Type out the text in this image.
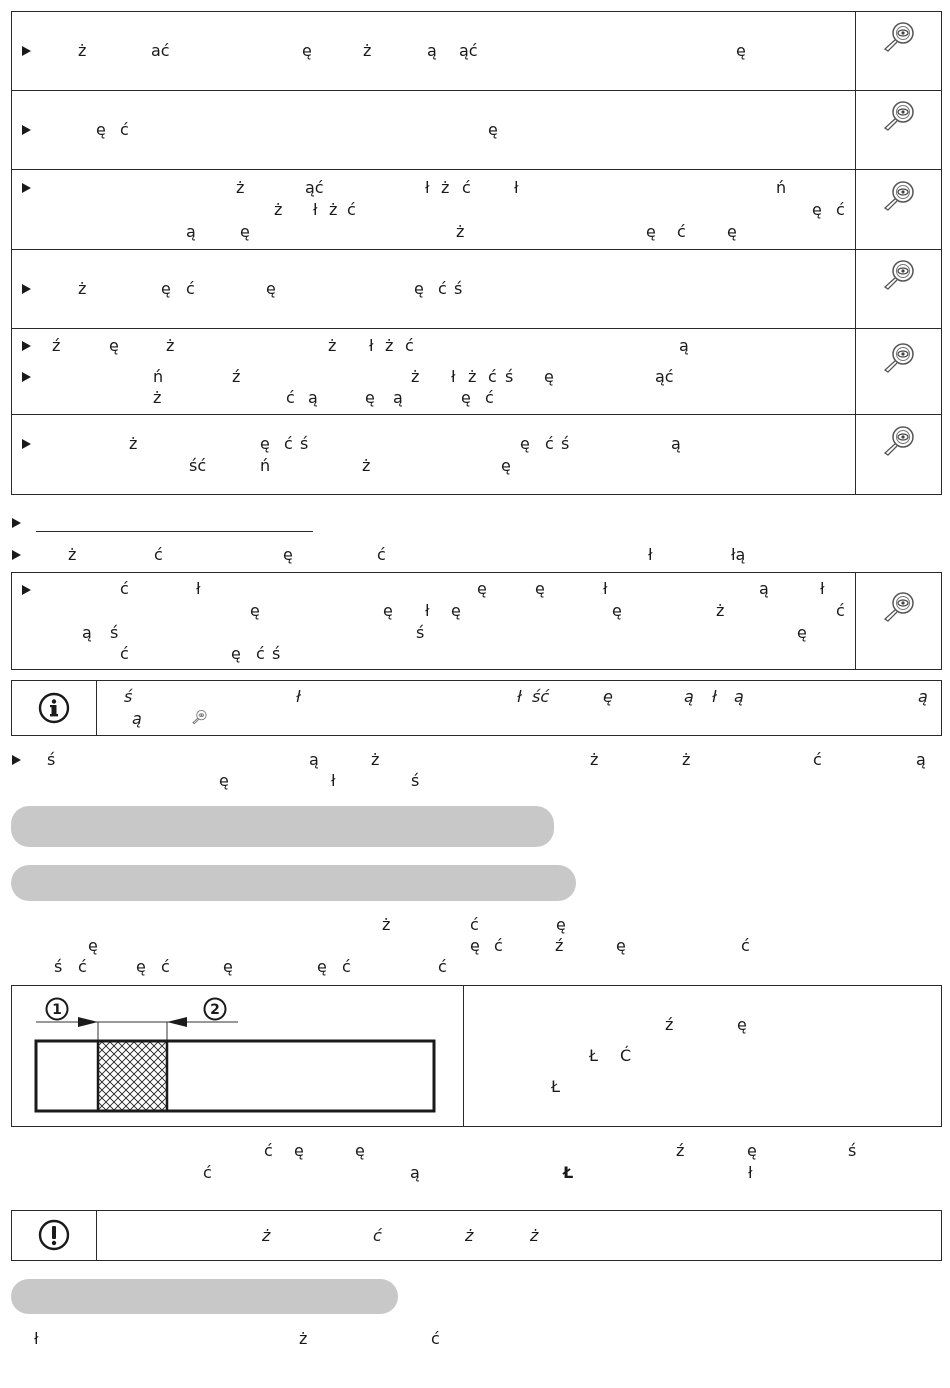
ż	ać	ę	ż	ą ąć	ę
ę ć	ę
ż	ąć	ł ż ć	ł	ń
ż ł ż ć	ę ć
ą	ę	ż	ę ć	ę
ż	ę ć	ę	ę ć ś
ź	ę	ż	ż ł ż ć	ą
ń	ź	ż ł ż ć ś ę	ąć
ż	ć ą	ę ą	ę ć
ż	ę ć ś	ę ć ś	ą
ść	ń	ż	ę
ż	ć	ę	ć	ł	łą
ć	ł	ę	ę	ł	ą	ł
ę	ę ł ę	ę	ż	ć
ą ś	ś	ę
ć	ę ć ś
ś	ł	ł ść	ę	ą ł ą	ą
ą
ś	ą	ż	ż	ż	ć	ą
ę	ł	ś
ż	ć	ę
ę	ę ć	ź	ę	ć
ś ć	ę ć	ę	ę ć	ć
1	2
ź	ę
Ł Ć
Ł
ć ę	ę	ź	ę	ś
ć	ą	Ł	ł
ż	ć	ż	ż
ł	ż	ć
